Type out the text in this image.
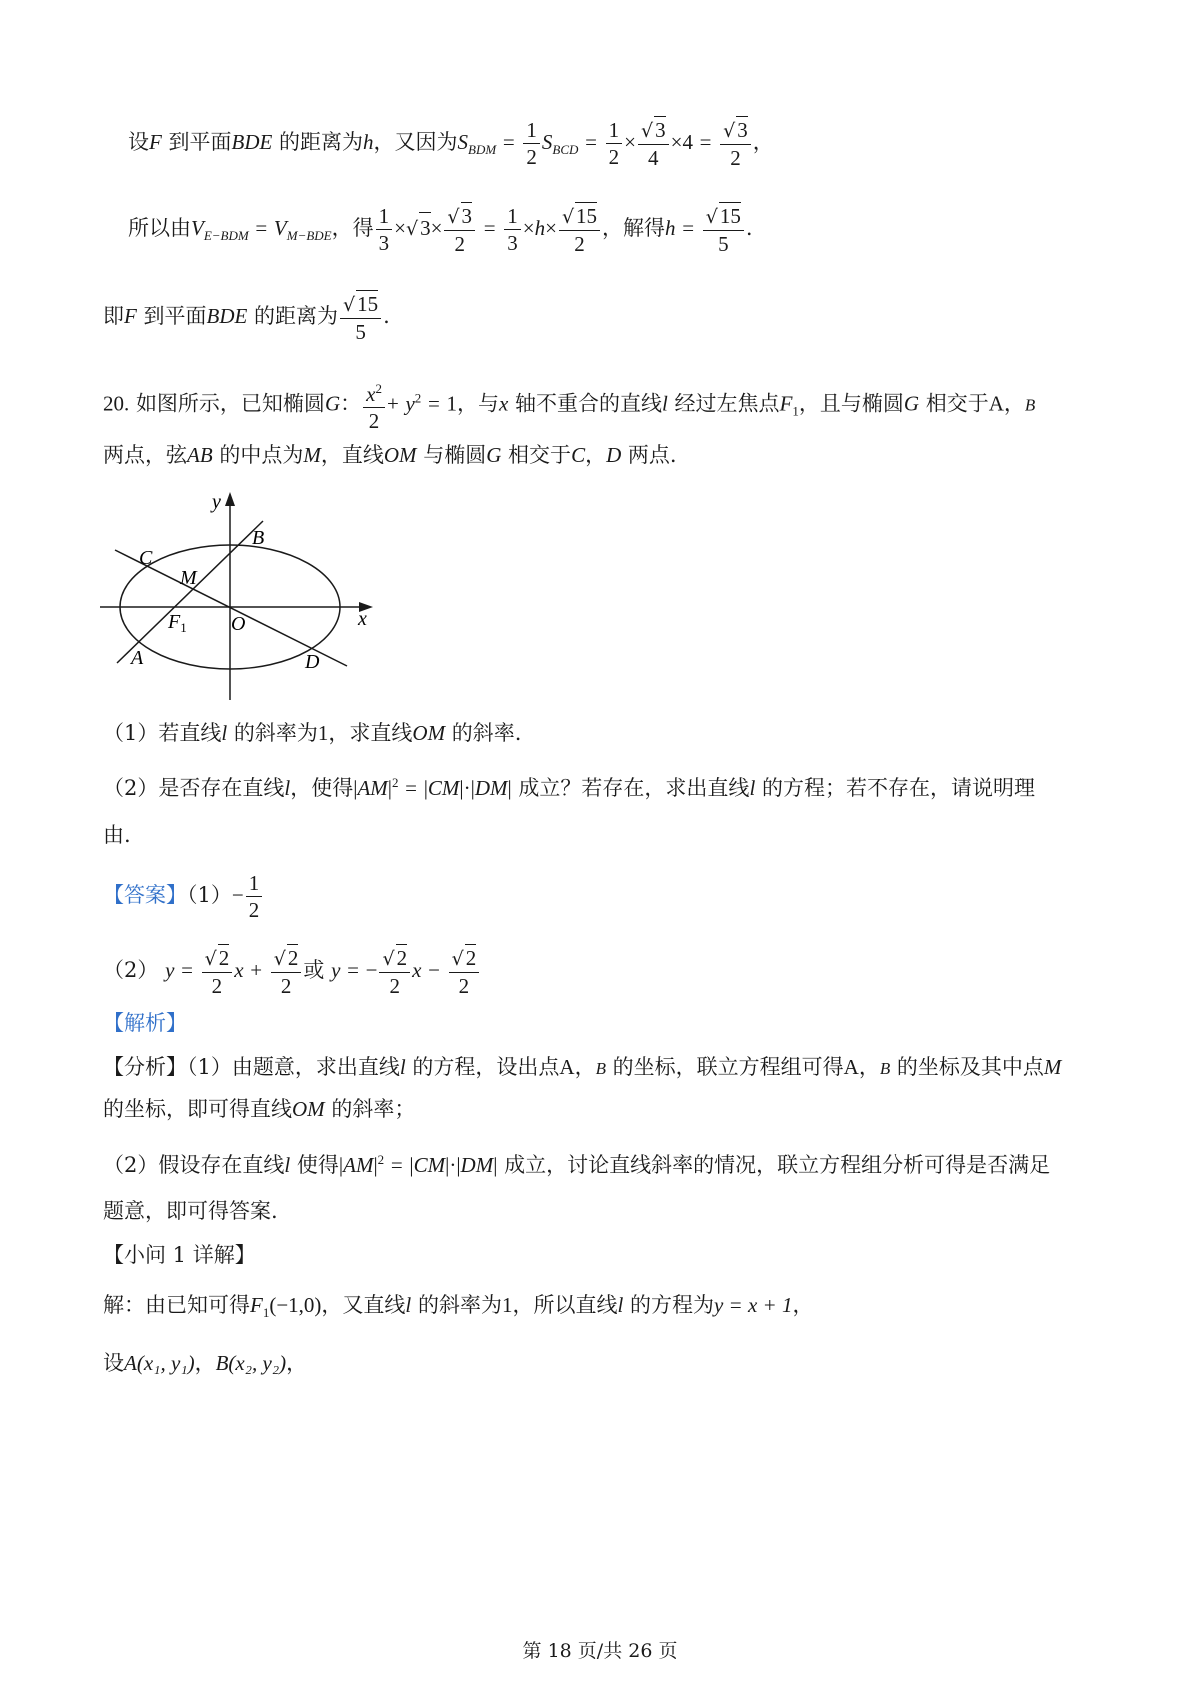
设F 到平面BDE 的距离为h，又因为$S_{BDM} = \frac{1}{2} S_{BCD} = \frac{1}{2} \times \frac{√3}{4} \times 4 = \frac{√3}{2}$ ，
所以由$V_{E-BDM} = V_{M-BDE}$，得 $\frac{1}{3} \times√3\times \frac{√3}{2} = \frac{1}{3} \times h\times \frac{√15}{2}$ ，解得$h = \frac{√15}{5}$ .
即F 到平面BDE 的距离为 $\frac{√15}{5}$ .
20. 如图所示，已知椭圆G： $\frac{x^2}{2} + y^2 = 1$，与x 轴不重合的直线l 经过左焦点$F_1$，且与椭圆G 相交于A，B
两点，弦AB 的中点为M，直线OM 与椭圆G 相交于C，D 两点.
y
B
C
M
$F_1$ O	x
A	D
（1）若直线l 的斜率为1，求直线OM 的斜率.
（2）是否存在直线l，使得$|AM|^2 = |CM|\cdot|DM|$ 成立？若存在，求出直线l 的方程；若不存在，请说明理
由.
【答案】$(1)- \frac{1}{2}$
（2） $y = \frac{√2}{2}$ $x + \frac{√2}{2}$ 或 y = − $\frac{√2}{2}$ $x - \frac{√2}{2}$
【解析】
【分析】（1）由题意，求出直线l 的方程，设出点A，B 的坐标，联立方程组可得A，B 的坐标及其中点M
的坐标，即可得直线OM 的斜率；
（2）假设存在直线l 使得$|AM|^2 = |CM|\cdot|DM|$ 成立，讨论直线斜率的情况，联立方程组分析可得是否满足
题意，即可得答案.
【小问 1 详解】
解：由已知可得$F_1(-1,0)$，又直线l 的斜率为1，所以直线l 的方程为y = x + 1，
设A(x₁, y₁)，B(x₂, y₂)，
第 18 页/共 26 页
